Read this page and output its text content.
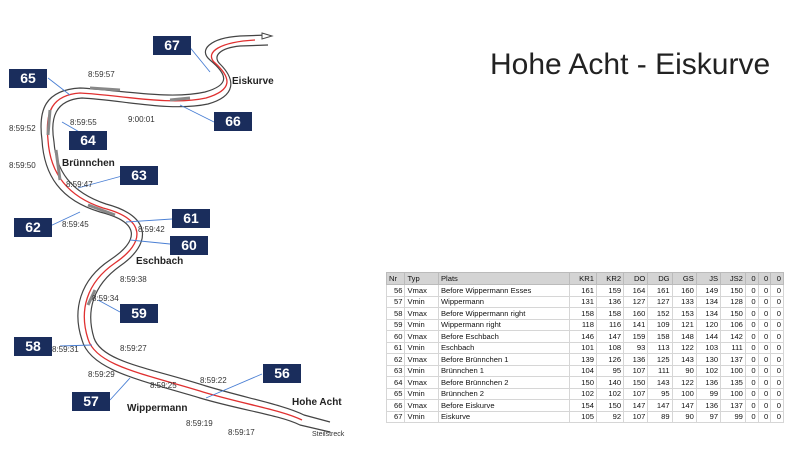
Hohe Acht - Eiskurve
67
65
64
66
63
61
62
60
59
58
56
57
8:59:57
9:00:01
8:59:55
8:59:52
8:59:50
8:59:47
8:59:45
8:59:42
8:59:38
8:59:34
8:59:31	8:59:27
8:59:29
8:59:25
8:59:22
8:59:19
8:59:17
Eiskurve
Brünnchen
Eschbach
Wippermann
Hohe Acht
Steilstreck
Nr	Typ	Plats	KR1	KR2	DO	DG	GS	JS	JS2	0	0	0
56	Vmax	Before Wippermann Esses	161	159	164	161	160	149	150	0	0	0
57	Vmin	Wippermann	131	136	127	127	133	134	128	0	0	0
58	Vmax	Before Wippermann right	158	158	160	152	153	134	150	0	0	0
59	Vmin	Wippermann right	118	116	141	109	121	120	106	0	0	0
60	Vmax	Before Eschbach	146	147	159	158	148	144	142	0	0	0
61	Vmin	Eschbach	101	108	93	113	122	103	111	0	0	0
62	Vmax	Before Brünnchen 1	139	126	136	125	143	130	137	0	0	0
63	Vmin	Brünnchen 1	104	95	107	111	90	102	100	0	0	0
64	Vmax	Before Brünnchen 2	150	140	150	143	122	136	135	0	0	0
65	Vmin	Brünnchen 2	102	102	107	95	100	99	100	0	0	0
66	Vmax	Before Eiskurve	154	150	147	147	147	136	137	0	0	0
67	Vmin	Eiskurve	105	92	107	89	90	97	99	0	0	0
